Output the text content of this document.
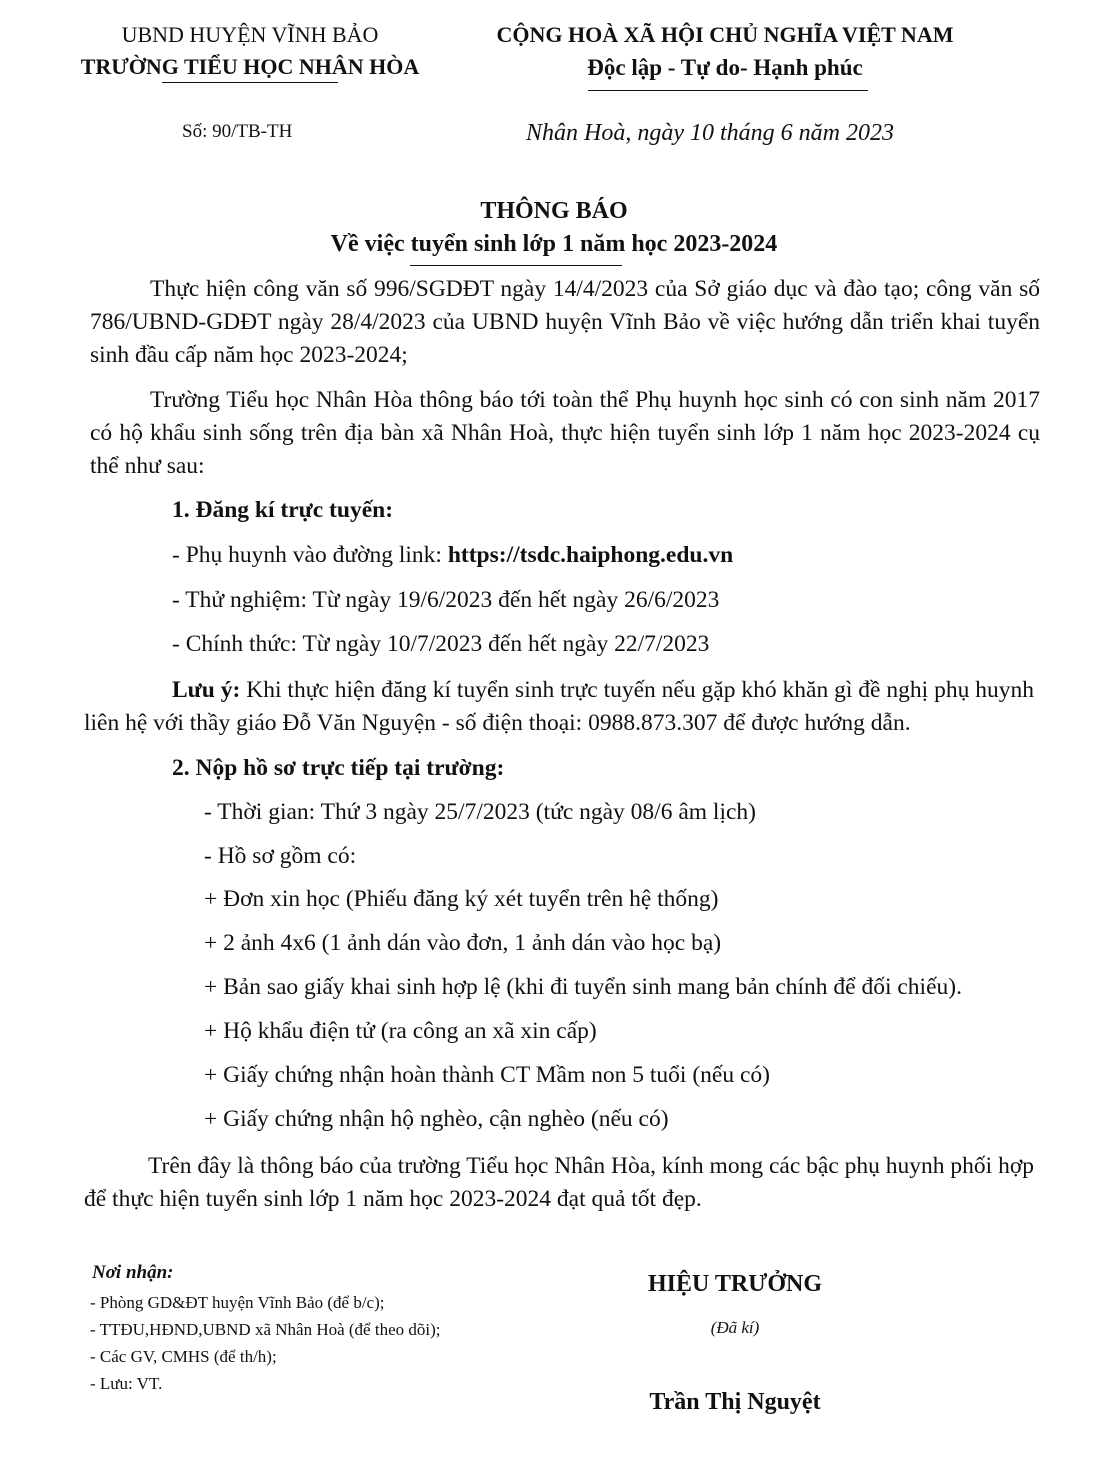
UBND HUYỆN VĨNH BẢO
TRƯỜNG TIỂU HỌC NHÂN HÒA
CỘNG HOÀ XÃ HỘI CHỦ NGHĨA VIỆT NAM
Độc lập - Tự do- Hạnh phúc
Số: 90/TB-TH	Nhân Hoà, ngày 10 tháng 6 năm 2023
THÔNG BÁO
Về việc tuyển sinh lớp 1 năm học 2023-2024
Thực hiện công văn số 996/SGDĐT ngày 14/4/2023 của Sở giáo dục và đào tạo; công văn số 786/UBND-GDĐT ngày 28/4/2023 của UBND huyện Vĩnh Bảo về việc hướng dẫn triển khai tuyển sinh đầu cấp năm học 2023-2024;
Trường Tiểu học Nhân Hòa thông báo tới toàn thể Phụ huynh học sinh có con sinh năm 2017 có hộ khẩu sinh sống trên địa bàn xã Nhân Hoà, thực hiện tuyển sinh lớp 1 năm học 2023-2024 cụ thể như sau:
1. Đăng kí trực tuyến:
- Phụ huynh vào đường link: https://tsdc.haiphong.edu.vn
- Thử nghiệm: Từ ngày 19/6/2023 đến hết ngày 26/6/2023
- Chính thức: Từ ngày 10/7/2023 đến hết ngày 22/7/2023
Lưu ý: Khi thực hiện đăng kí tuyển sinh trực tuyến nếu gặp khó khăn gì đề nghị phụ huynh liên hệ với thầy giáo Đỗ Văn Nguyện - số điện thoại: 0988.873.307 để được hướng dẫn.
2. Nộp hồ sơ trực tiếp tại trường:
- Thời gian: Thứ 3 ngày 25/7/2023 (tức ngày 08/6 âm lịch)
- Hồ sơ gồm có:
+ Đơn xin học (Phiếu đăng ký xét tuyển trên hệ thống)
+ 2 ảnh 4x6 (1 ảnh dán vào đơn, 1 ảnh dán vào học bạ)
+ Bản sao giấy khai sinh hợp lệ (khi đi tuyển sinh mang bản chính để đối chiếu).
+ Hộ khẩu điện tử (ra công an xã xin cấp)
+ Giấy chứng nhận hoàn thành CT Mầm non 5 tuổi (nếu có)
+ Giấy chứng nhận hộ nghèo, cận nghèo (nếu có)
Trên đây là thông báo của trường Tiểu học Nhân Hòa, kính mong các bậc phụ huynh phối hợp để thực hiện tuyển sinh lớp 1 năm học 2023-2024 đạt quả tốt đẹp.
Nơi nhận:
- Phòng GD&ĐT huyện Vĩnh Bảo (để b/c);
- TTĐU,HĐND,UBND xã Nhân Hoà (để theo dõi);
- Các GV, CMHS (để th/h);
- Lưu: VT.
HIỆU TRƯỞNG
(Đã kí)
Trần Thị Nguyệt
